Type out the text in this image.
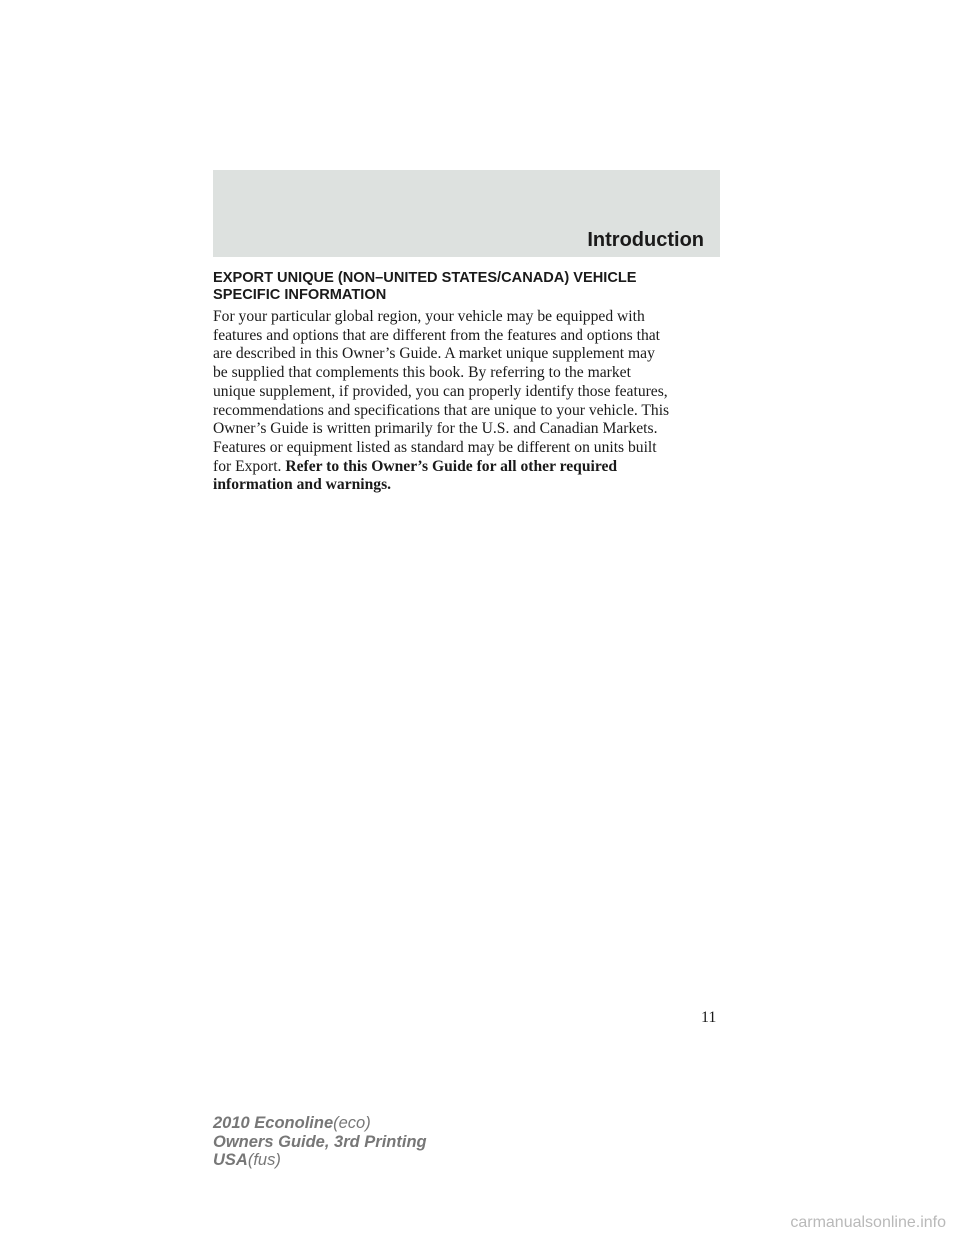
Introduction
EXPORT UNIQUE (NON–UNITED STATES/CANADA) VEHICLE
SPECIFIC INFORMATION

For your particular global region, your vehicle may be equipped with
features and options that are different from the features and options that
are described in this Owner’s Guide. A market unique supplement may
be supplied that complements this book. By referring to the market
unique supplement, if provided, you can properly identify those features,
recommendations and specifications that are unique to your vehicle. This
Owner’s Guide is written primarily for the U.S. and Canadian Markets.
Features or equipment listed as standard may be different on units built
for Export. Refer to this Owner’s Guide for all other required
information and warnings.

11
2010 Econoline(eco)
Owners Guide, 3rd Printing
USA(fus)
carmanualsonline.info
